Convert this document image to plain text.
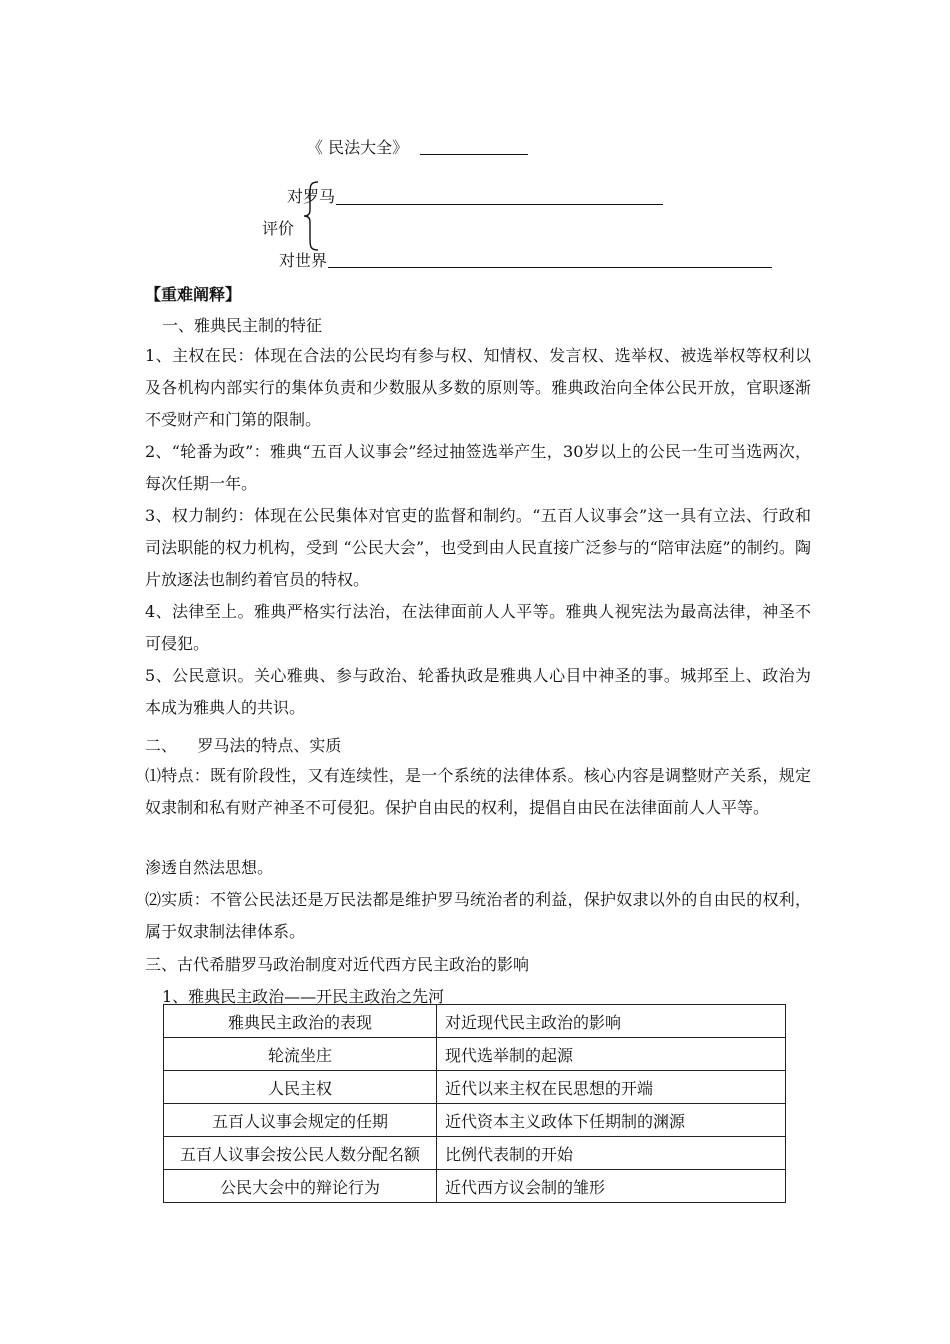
《 民法大全》
对罗马
评价
对世界
【重难阐释】
一、雅典民主制的特征
1、主权在民：体现在合法的公民均有参与权、知情权、发言权、选举权、被选举权等权利以及各机构内部实行的集体负责和少数服从多数的原则等。雅典政治向全体公民开放，官职逐渐不受财产和门第的限制。
2、“轮番为政”：雅典“五百人议事会”经过抽签选举产生，30岁以上的公民一生可当选两次，每次任期一年。
3、权力制约：体现在公民集体对官吏的监督和制约。“五百人议事会”这一具有立法、行政和司法职能的权力机构，受到 “公民大会”，也受到由人民直接广泛参与的“陪审法庭”的制约。陶片放逐法也制约着官员的特权。
4、法律至上。雅典严格实行法治，在法律面前人人平等。雅典人视宪法为最高法律，神圣不可侵犯。
5、公民意识。关心雅典、参与政治、轮番执政是雅典人心目中神圣的事。城邦至上、政治为本成为雅典人的共识。
二、    罗马法的特点、实质
⑴特点：既有阶段性，又有连续性，是一个系统的法律体系。核心内容是调整财产关系，规定奴隶制和私有财产神圣不可侵犯。保护自由民的权利，提倡自由民在法律面前人人平等。
渗透自然法思想。
⑵实质：不管公民法还是万民法都是维护罗马统治者的利益，保护奴隶以外的自由民的权利，属于奴隶制法律体系。
三、古代希腊罗马政治制度对近代西方民主政治的影响
1、雅典民主政治——开民主政治之先河
雅典民主政治的表现	对近现代民主政治的影响
轮流坐庄	现代选举制的起源
人民主权	近代以来主权在民思想的开端
五百人议事会规定的任期	近代资本主义政体下任期制的渊源
五百人议事会按公民人数分配名额	比例代表制的开始
公民大会中的辩论行为	近代西方议会制的雏形
